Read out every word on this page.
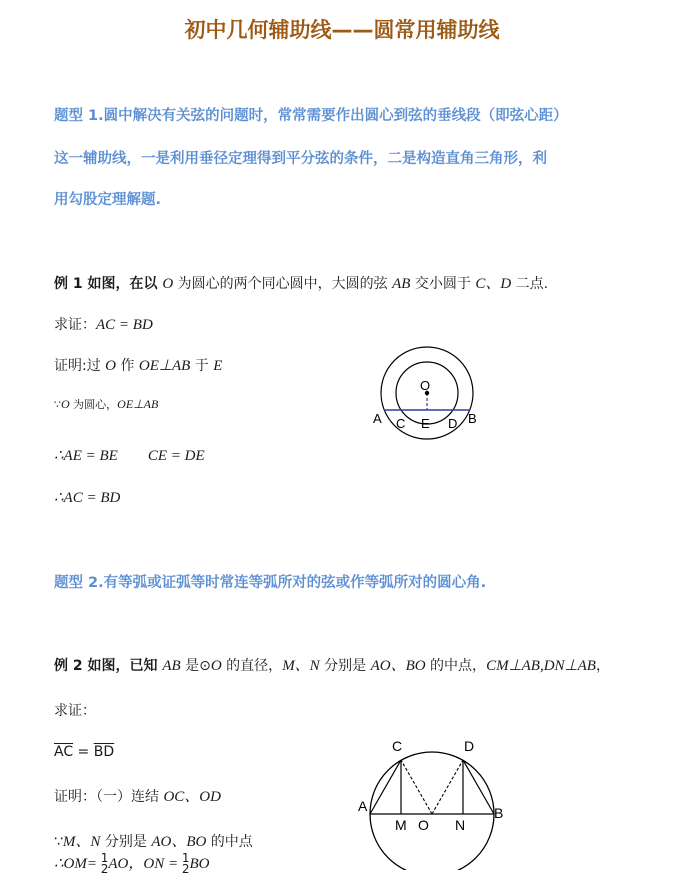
初中几何辅助线——圆常用辅助线
题型 1.圆中解决有关弦的问题时，常常需要作出圆心到弦的垂线段（即弦心距）
这一辅助线，一是利用垂径定理得到平分弦的条件，二是构造直角三角形，利
用勾股定理解题.
例 1 如图，在以 O 为圆心的两个同心圆中，大圆的弦 AB 交小圆于 C、D 二点.
求证：AC = BD
证明:过 O 作 OE⊥AB 于 E
∵O 为圆心，OE⊥AB
∴AE = BE CE = DE
∴AC = BD
O
A	B
C E D
题型 2.有等弧或证弧等时常连等弧所对的弦或作等弧所对的圆心角.
例 2 如图，已知 AB 是⊙O 的直径，M、N 分别是 AO、BO 的中点，CM⊥AB,DN⊥AB，
求证：
$\overline{AC} = \overline{BD}$
证明：（一）连结 OC、OD
∵M、N 分别是 AO、BO 的中点
∴OM= 1
2AO，ON = 1
2BO
C	D
A	B
M O N
